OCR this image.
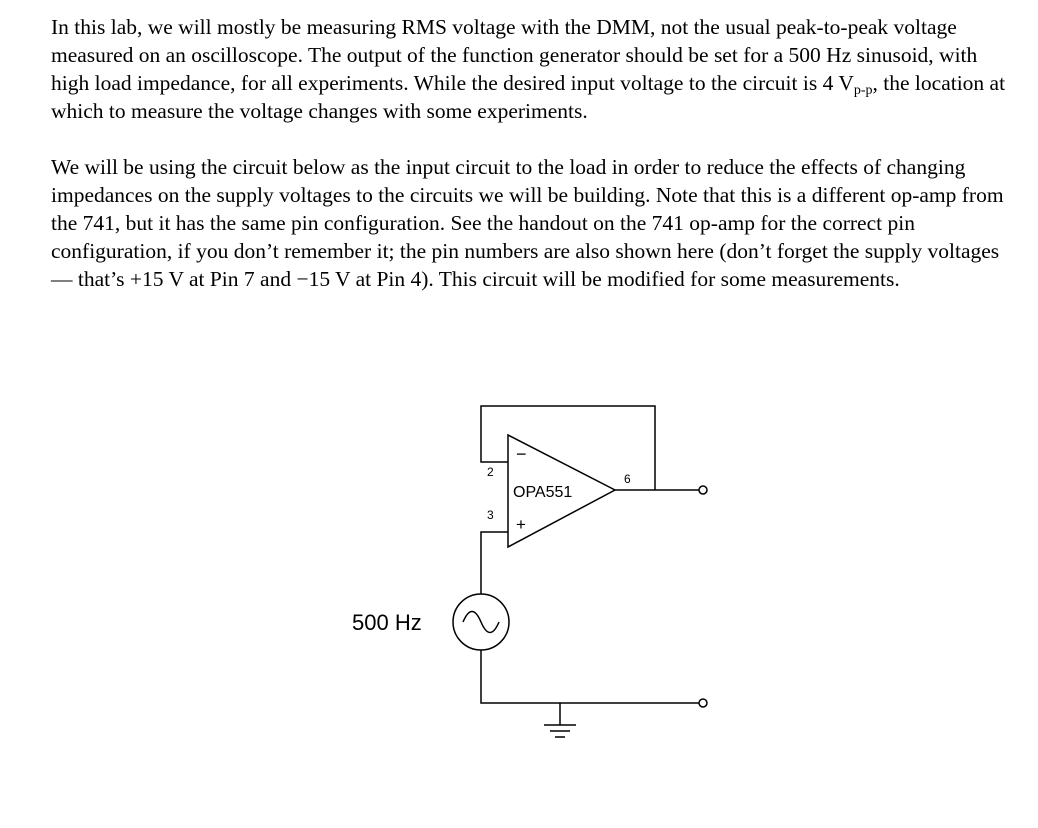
In this lab, we will mostly be measuring RMS voltage with the DMM, not the usual peak-to-peak voltage measured on an oscilloscope. The output of the function generator should be set for a 500 Hz sinusoid, with high load impedance, for all experiments. While the desired input voltage to the circuit is 4 $V_{p-p}$, the location at which to measure the voltage changes with some experiments.

We will be using the circuit below as the input circuit to the load in order to reduce the effects of changing impedances on the supply voltages to the circuits we will be building. Note that this is a different op-amp from the 741, but it has the same pin configuration. See the handout on the 741 op-amp for the correct pin configuration, if you don’t remember it; the pin numbers are also shown here (don’t forget the supply voltages — that’s +15 V at Pin 7 and −15 V at Pin 4). This circuit will be modified for some measurements.

OPA551
−
+
2
3
6
500 Hz
